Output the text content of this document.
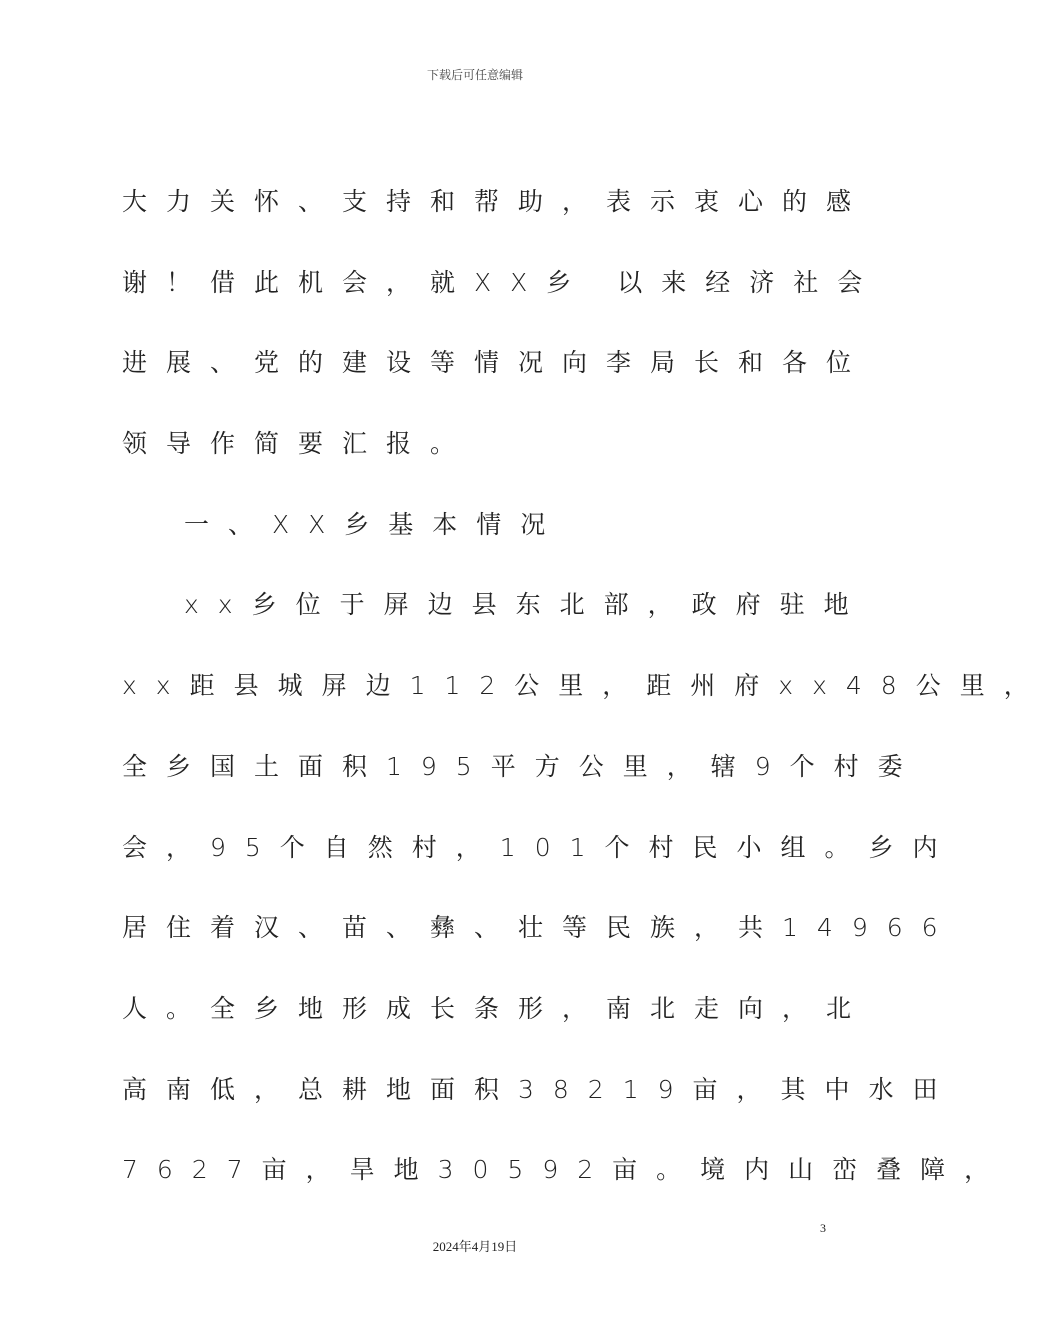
下载后可任意编辑
大力关怀、支持和帮助，表示衷心的感
谢！借此机会，就XX乡 以来经济社会
进展、党的建设等情况向李局长和各位
领导作简要汇报。
一、XX乡基本情况
xx乡位于屏边县东北部，政府驻地
xx距县城屏边112公里，距州府xx48公里，
全乡国土面积195平方公里，辖9个村委
会，95个自然村，101个村民小组。乡内
居住着汉、苗、彝、壮等民族，共14966
人。全乡地形成长条形，南北走向，北
高南低，总耕地面积38219亩，其中水田
7627亩，旱地30592亩。境内山峦叠障，
3
2024年4月19日
